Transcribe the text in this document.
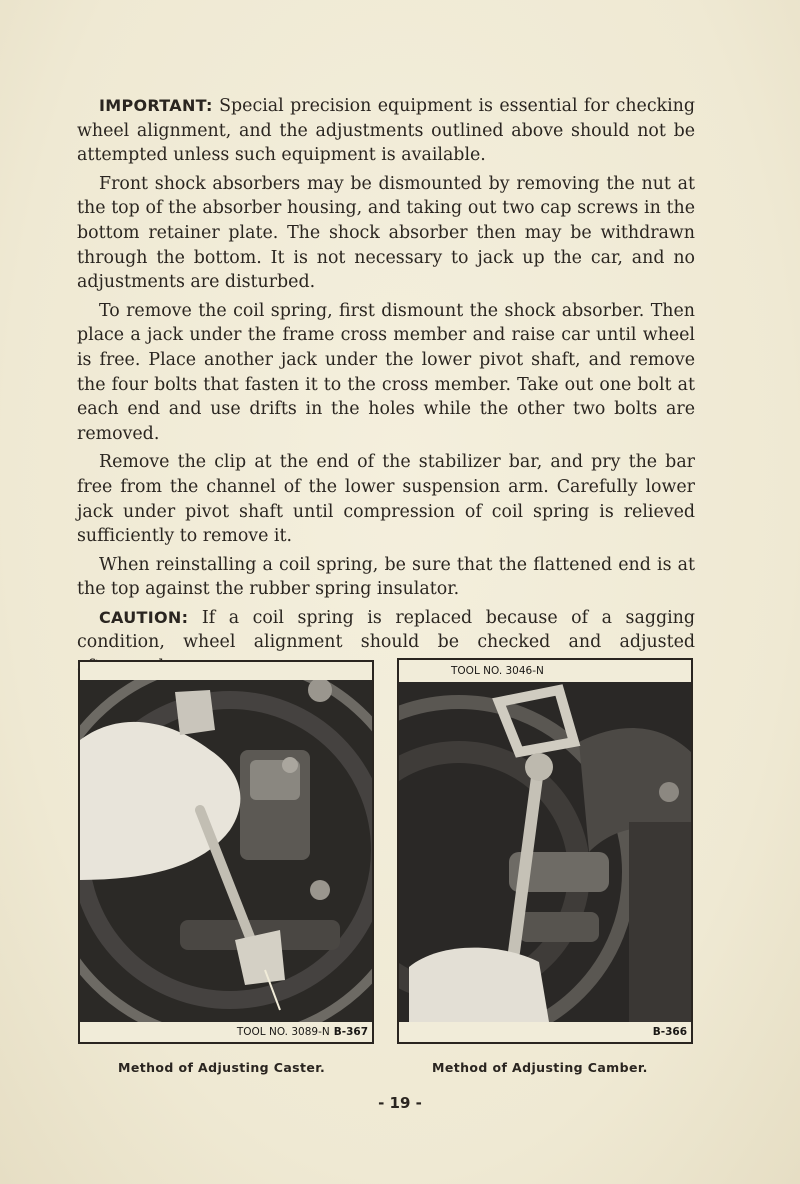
IMPORTANT: Special precision equipment is essential for checking wheel alignment, and the adjustments outlined above should not be attempted unless such equipment is available.

Front shock absorbers may be dismounted by removing the nut at the top of the absorber housing, and taking out two cap screws in the bottom retainer plate. The shock absorber then may be withdrawn through the bottom. It is not necessary to jack up the car, and no adjustments are disturbed.

To remove the coil spring, first dismount the shock absorber. Then place a jack under the frame cross member and raise car until wheel is free. Place another jack under the lower pivot shaft, and remove the four bolts that fasten it to the cross member. Take out one bolt at each end and use drifts in the holes while the other two bolts are removed.

Remove the clip at the end of the stabilizer bar, and pry the bar free from the channel of the lower suspension arm. Carefully lower jack under pivot shaft until compression of coil spring is relieved sufficiently to remove it.

When reinstalling a coil spring, be sure that the flattened end is at the top against the rubber spring insulator.

CAUTION: If a coil spring is replaced because of a sagging condition, wheel alignment should be checked and adjusted

TOOL NO. 3089-N B-367
TOOL NO. 3046-N
B-366
Method of Adjusting Caster.	Method of Adjusting Camber.
- 19 -
